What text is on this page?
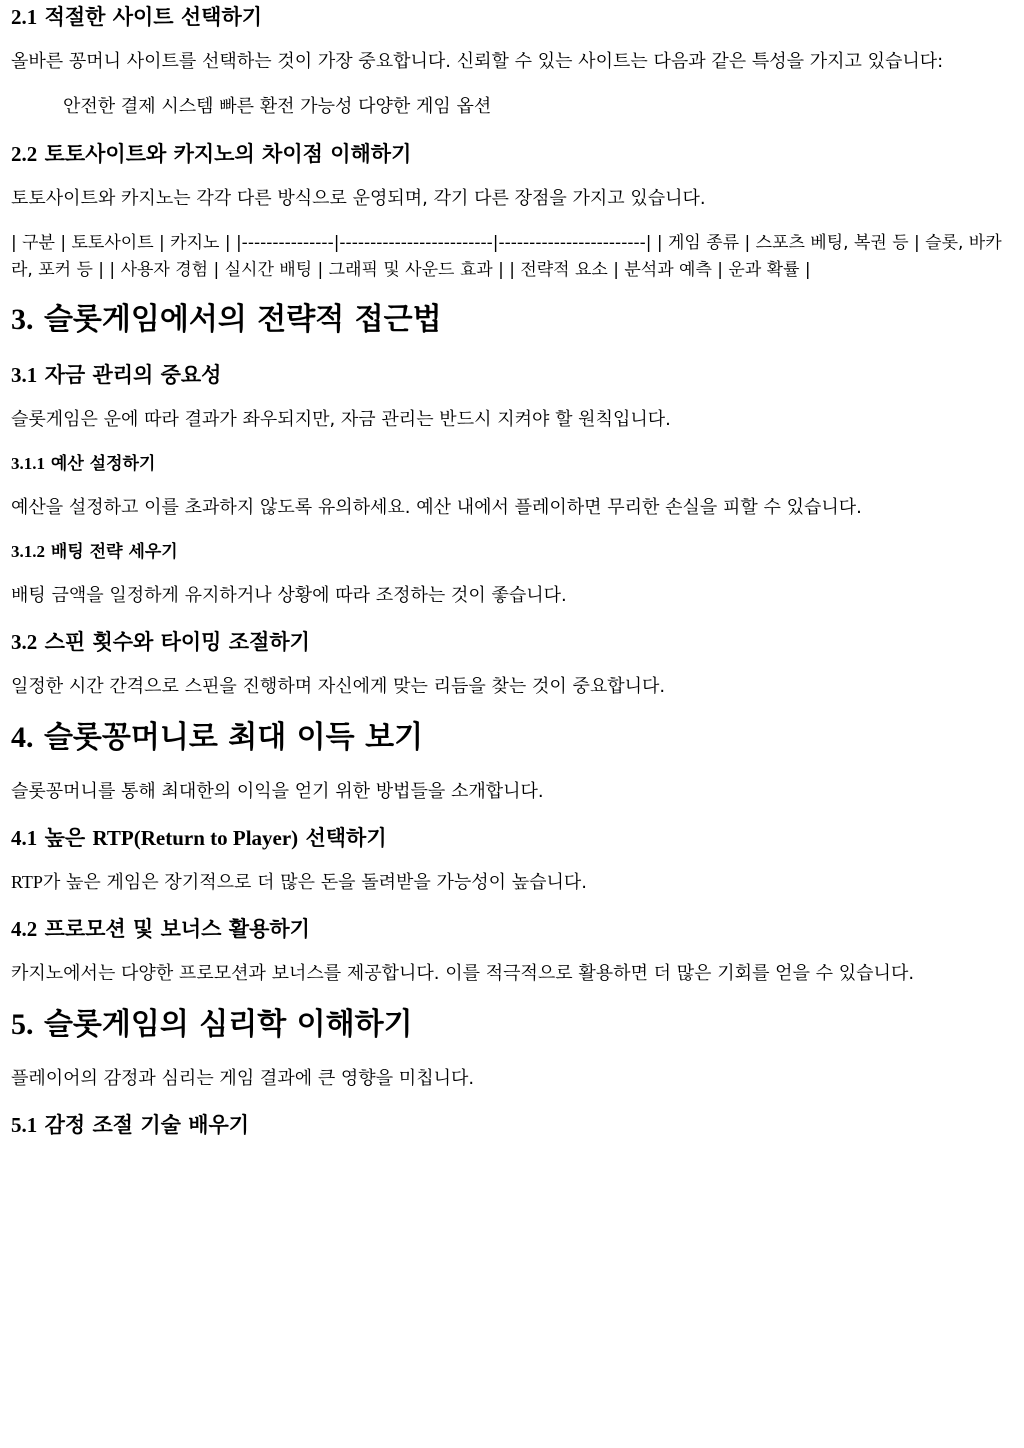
2.1 적절한 사이트 선택하기

올바른 꽁머니 사이트를 선택하는 것이 가장 중요합니다. 신뢰할 수 있는 사이트는 다음과 같은 특성을 가지고 있습니다:

안전한 결제 시스템 빠른 환전 가능성 다양한 게임 옵션

2.2 토토사이트와 카지노의 차이점 이해하기

토토사이트와 카지노는 각각 다른 방식으로 운영되며, 각기 다른 장점을 가지고 있습니다.

| 구분 | 토토사이트 | 카지노 | |---------------|-------------------------|------------------------| | 게임 종류 | 스포츠 베팅, 복권 등 | 슬롯, 바카라, 포커 등 | | 사용자 경험 | 실시간 배팅 | 그래픽 및 사운드 효과 | | 전략적 요소 | 분석과 예측 | 운과 확률 |

3. 슬롯게임에서의 전략적 접근법
3.1 자금 관리의 중요성

슬롯게임은 운에 따라 결과가 좌우되지만, 자금 관리는 반드시 지켜야 할 원칙입니다.

3.1.1 예산 설정하기

예산을 설정하고 이를 초과하지 않도록 유의하세요. 예산 내에서 플레이하면 무리한 손실을 피할 수 있습니다.

3.1.2 배팅 전략 세우기

배팅 금액을 일정하게 유지하거나 상황에 따라 조정하는 것이 좋습니다.

3.2 스핀 횟수와 타이밍 조절하기

일정한 시간 간격으로 스핀을 진행하며 자신에게 맞는 리듬을 찾는 것이 중요합니다.

4. 슬롯꽁머니로 최대 이득 보기

슬롯꽁머니를 통해 최대한의 이익을 얻기 위한 방법들을 소개합니다.

4.1 높은 RTP(Return to Player) 선택하기

RTP가 높은 게임은 장기적으로 더 많은 돈을 돌려받을 가능성이 높습니다.

4.2 프로모션 및 보너스 활용하기

카지노에서는 다양한 프로모션과 보너스를 제공합니다. 이를 적극적으로 활용하면 더 많은 기회를 얻을 수 있습니다.

5. 슬롯게임의 심리학 이해하기

플레이어의 감정과 심리는 게임 결과에 큰 영향을 미칩니다.

5.1 감정 조절 기술 배우기
